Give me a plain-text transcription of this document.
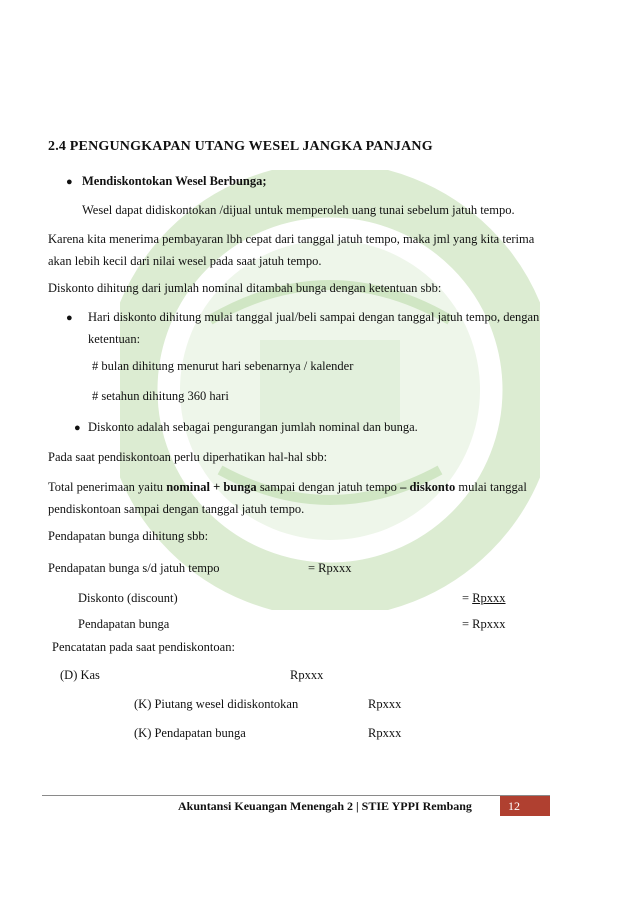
2.4 PENGUNGKAPAN UTANG WESEL JANGKA PANJANG
● Mendiskontokan Wesel Berbunga;
Wesel dapat didiskontokan /dijual untuk memperoleh uang tunai sebelum jatuh tempo.
Karena kita menerima pembayaran lbh cepat dari tanggal jatuh tempo, maka jml yang kita terima
akan lebih kecil dari nilai wesel pada saat jatuh tempo.
Diskonto dihitung dari jumlah nominal ditambah bunga dengan ketentuan sbb:
● Hari diskonto dihitung mulai tanggal jual/beli sampai dengan tanggal jatuh tempo, dengan
ketentuan:
# bulan dihitung menurut hari sebenarnya / kalender
# setahun dihitung 360 hari
● Diskonto adalah sebagai pengurangan jumlah nominal dan bunga.
Pada saat pendiskontoan perlu diperhatikan hal-hal sbb:
Total penerimaan yaitu nominal + bunga sampai dengan jatuh tempo – diskonto mulai tanggal
pendiskontoan sampai dengan tanggal jatuh tempo.
Pendapatan bunga dihitung sbb:
Pendapatan bunga s/d jatuh tempo	= Rpxxx
Diskonto (discount)	= Rpxxx
Pendapatan bunga	= Rpxxx
Pencatatan pada saat pendiskontoan:
(D) Kas	Rpxxx
(K) Piutang wesel didiskontokan	Rpxxx
(K) Pendapatan bunga	Rpxxx
Akuntansi Keuangan Menengah 2 | STIE YPPI Rembang	12
